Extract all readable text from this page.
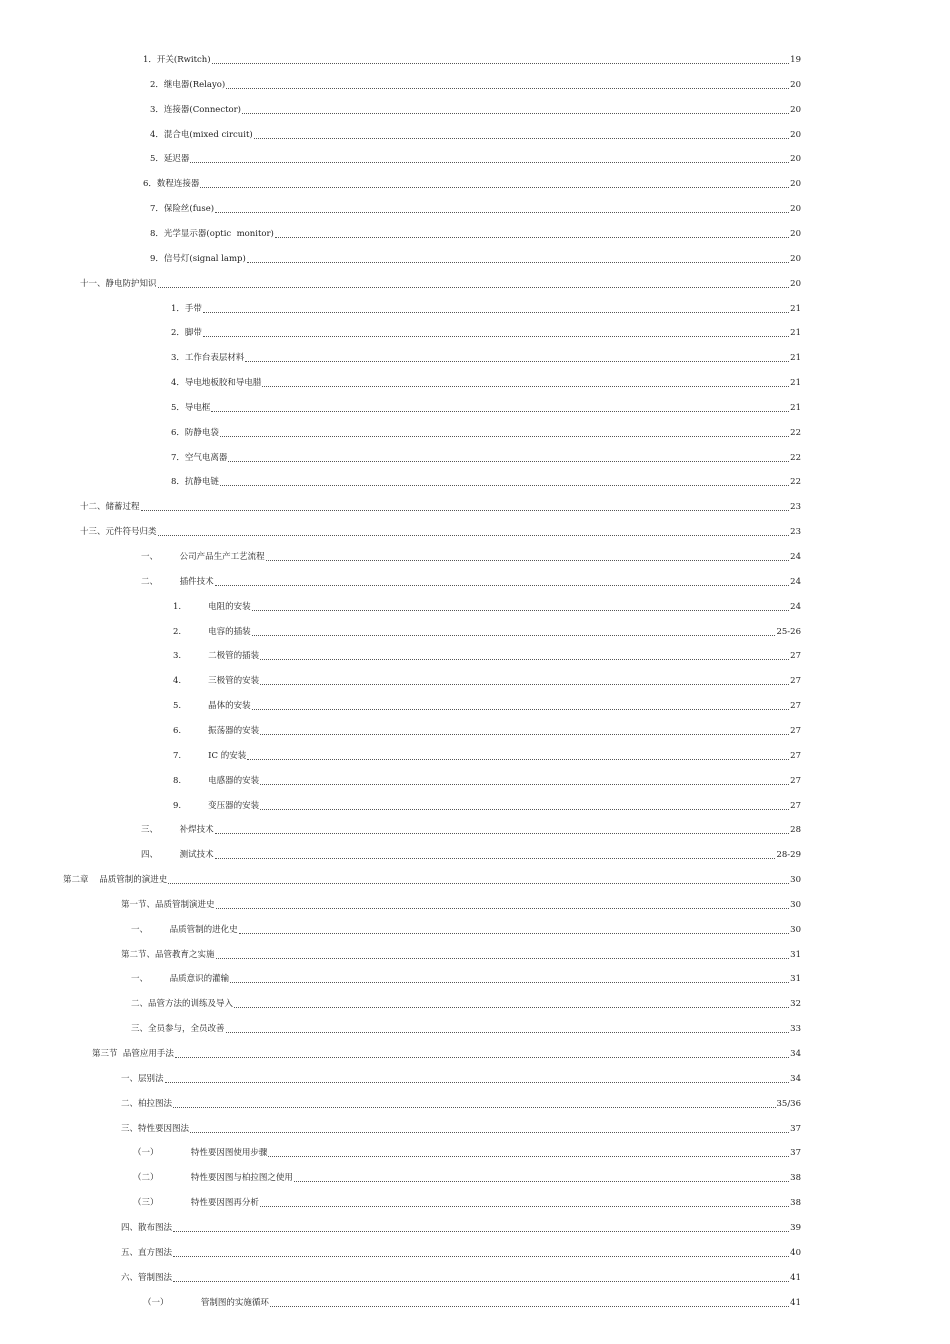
1．开关(Rwitch)	19
2．继电器(Relayo)	20
3．连接器(Connector)	20
4．混合电(mixed circuit)	20
5．延迟器	20
6．数程连接器	20
7．保险丝(fuse)	20
8．光学显示器(optic  monitor)	20
9．信号灯(signal lamp)	20
十一、静电防护知识	20
1．手带	21
2．脚带	21
3．工作台表层材料	21
4．导电地板胶和导电腊	21
5．导电框	21
6．防静电袋	22
7．空气电离器	22
8．抗静电链	22
十二、储蓄过程	23
十三、元件符号归类	23
一、        公司产品生产工艺流程	24
二、        插件技术	24
1.          电阻的安装	24
2.          电容的插装	25-26
3.          二极管的插装	27
4.          三极管的安装	27
5.          晶体的安装	27
6.          振荡器的安装	27
7.          IC 的安装	27
8.          电感器的安装	27
9.          变压器的安装	27
三、        补焊技术	28
四、        测试技术	28-29
第二章    品质管制的演进史	30
第一节、品质管制演进史	30
一、        品质管制的进化史	30
第二节、品管教育之实施	31
一、        品质意识的灌输	31
二、品管方法的训练及导入	32
三、全员参与，全员改善	33
第三节  品管应用手法	34
一、层别法	34
二、柏拉图法	35/36
三、特性要因图法	37
（一）            特性要因图使用步骤	37
（二）            特性要因图与柏拉图之使用	38
（三）            特性要因图再分析	38
四、散布图法	39
五、直方图法	40
六、管制图法	41
（一）            管制图的实施循环	41
